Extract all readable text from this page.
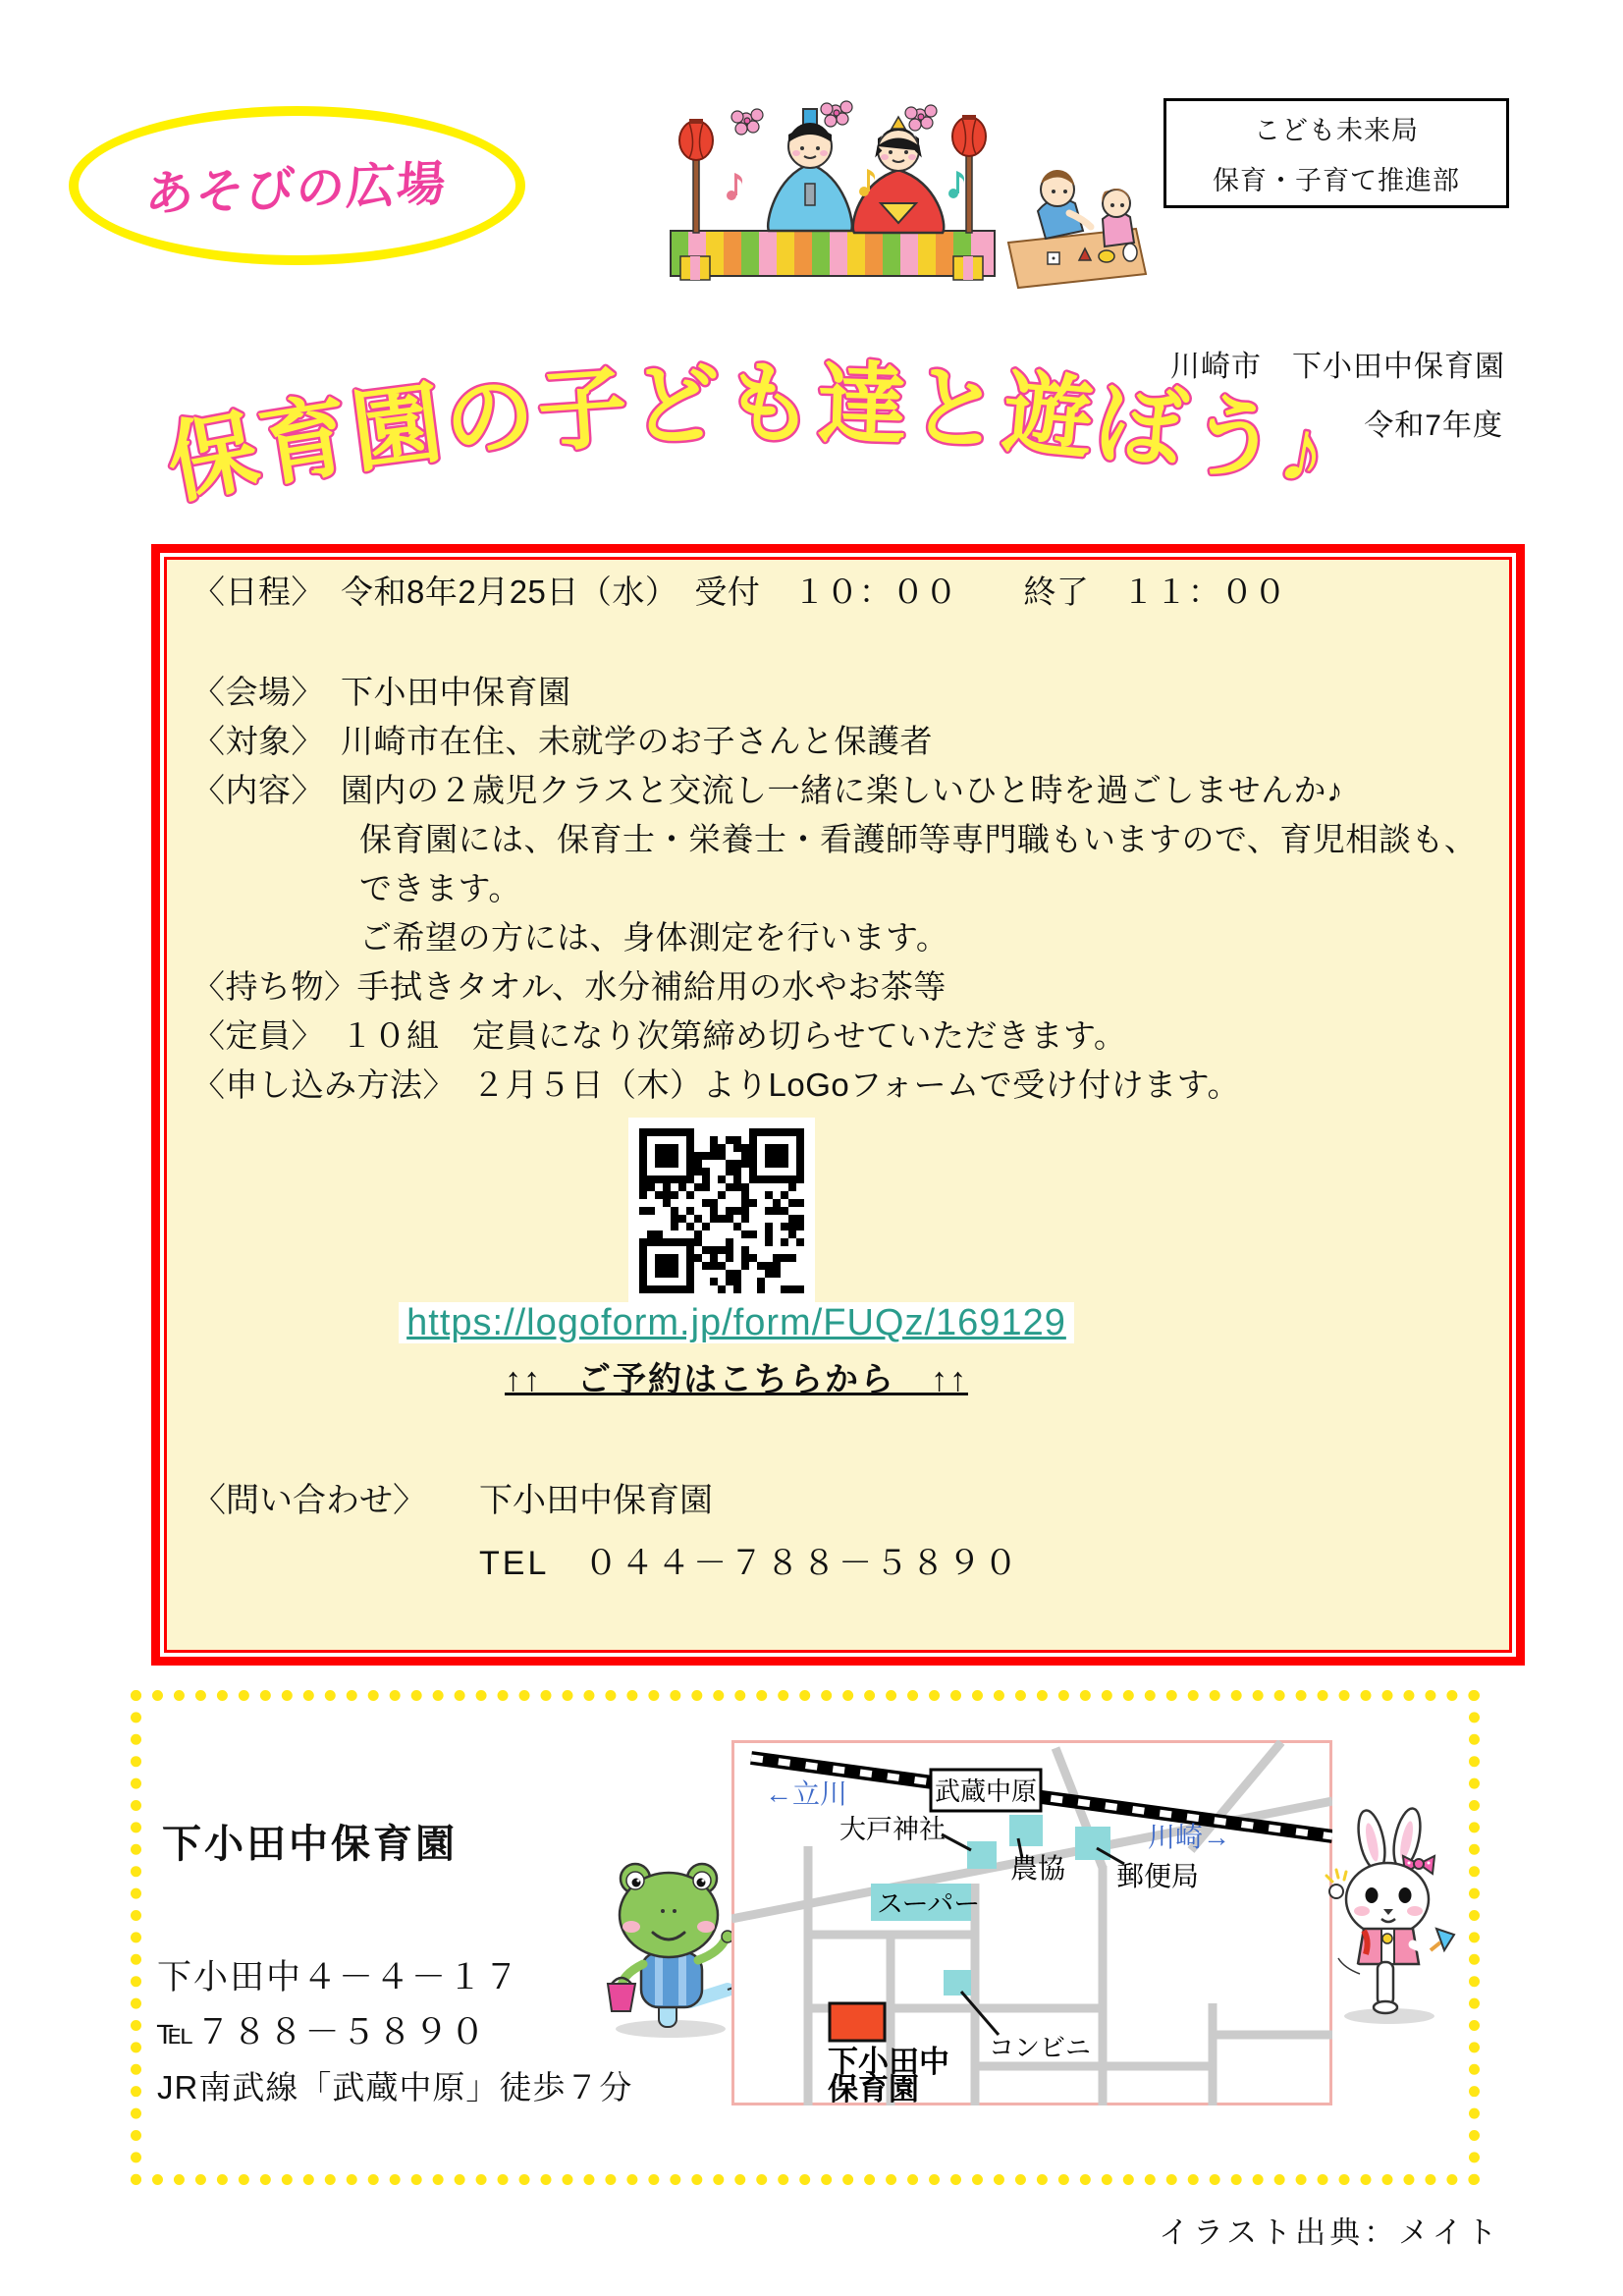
あそびの広場
こども未来局
保育・子育て推進部
川崎市　下小田中保育園
令和7年度
保育園の子ども達と遊ぼう♪
〈日程〉　令和8年2月25日（水）　受付　１０：００　　終了　１１：００
〈会場〉　下小田中保育園
〈対象〉　川崎市在住、未就学のお子さんと保護者
〈内容〉　園内の２歳児クラスと交流し一緒に楽しいひと時を過ごしませんか♪
保育園には、保育士・栄養士・看護師等専門職もいますので、育児相談も、
できます。
ご希望の方には、身体測定を行います。
〈持ち物〉手拭きタオル、水分補給用の水やお茶等
〈定員〉　１０組　定員になり次第締め切らせていただきます。
〈申し込み方法〉　２月５日（木）よりLoGoフォームで受け付けます。
https://logoform.jp/form/FUQz/169129
↑↑　ご予約はこちらから　↑↑
〈問い合わせ〉 下小田中保育園
TEL　０４４－７８８－５８９０
下小田中保育園
下小田中４－４－１７
℡７８８－５８９０
JR南武線「武蔵中原」徒歩７分
武蔵中原
←立川
川崎→
大戸神社
農協 郵便局
スーパー
コンビニ
下小田中
保育園
イラスト出典：メイト
